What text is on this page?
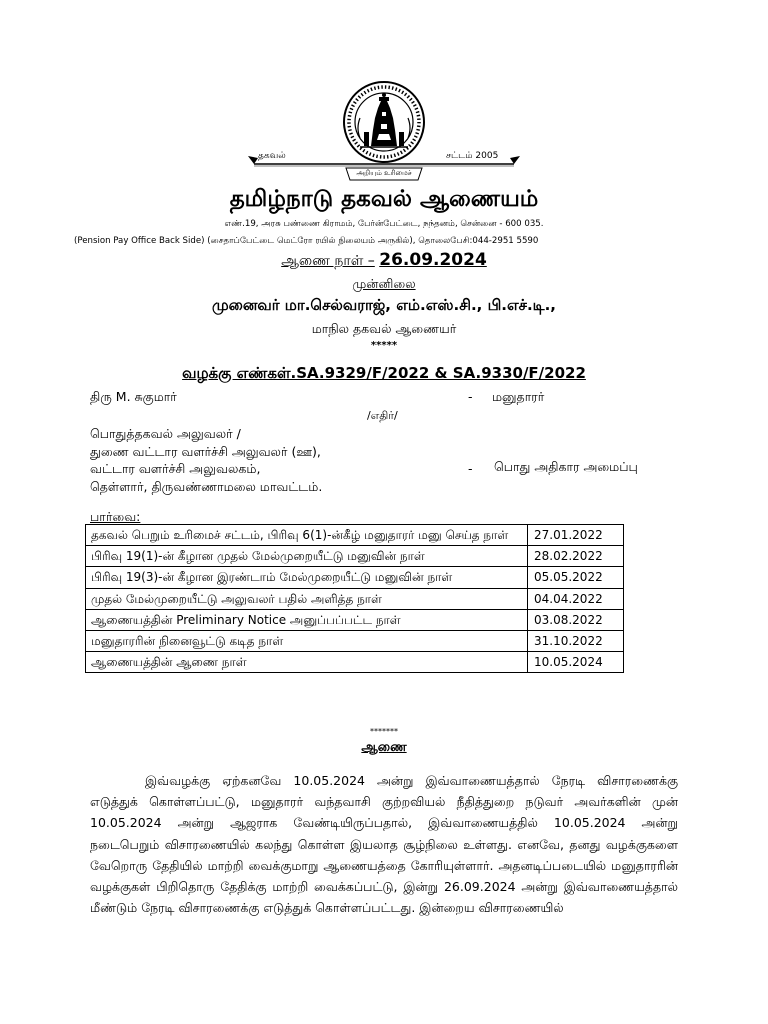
தகவல்	சட்டம் 2005
அறியும் உரிமைச்
தமிழ்நாடு தகவல் ஆணையம்
எண்.19, அரசு பண்ணை கிராமம், பேர்ன்பேட்டை, நந்தனம், சென்னை - 600 035.
(Pension Pay Office Back Side) (சைதாப்பேட்டை மெட்ரோ ரயில் நிலையம் அருகில்), தொலைபேசி:044-2951 5590
ஆணை நாள் – 26.09.2024
முன்னிலை
முனைவர் மா.செல்வராஜ், எம்.எஸ்.சி., பி.எச்.டி.,
மாநில தகவல் ஆணையர்
*****
வழக்கு எண்கள்.SA.9329/F/2022 & SA.9330/F/2022
திரு M. சுகுமார்	- மனுதாரர்
/எதிர்/
பொதுத்தகவல் அலுவலர் /
துணை வட்டார வளர்ச்சி அலுவலர் (ஊ),
வட்டார வளர்ச்சி அலுவலகம்,
தெள்ளார், திருவண்ணாமலை மாவட்டம்.
- பொது அதிகார அமைப்பு
பார்வை:
தகவல் பெறும் உரிமைச் சட்டம், பிரிவு 6(1)-ன்கீழ் மனுதாரர் மனு செய்த நாள்	27.01.2022
பிரிவு 19(1)-ன் கீழான முதல் மேல்முறையீட்டு மனுவின் நாள்	28.02.2022
பிரிவு 19(3)-ன் கீழான இரண்டாம் மேல்முறையீட்டு மனுவின் நாள்	05.05.2022
முதல் மேல்முறையீட்டு அலுவலர் பதில் அளித்த நாள்	04.04.2022
ஆணையத்தின் Preliminary Notice அனுப்பப்பட்ட நாள்	03.08.2022
மனுதாரரின் நினைவூட்டு கடித நாள்	31.10.2022
ஆணையத்தின் ஆணை நாள்	10.05.2024
*******
ஆணை
இவ்வழக்கு ஏற்கனவே 10.05.2024 அன்று இவ்வாணையத்தால் நேரடி விசாரணைக்கு எடுத்துக் கொள்ளப்பட்டு, மனுதாரர் வந்தவாசி குற்றவியல் நீதித்துறை நடுவர் அவர்களின் முன் 10.05.2024 அன்று ஆஜராக வேண்டியிருப்பதால், இவ்வாணையத்தில் 10.05.2024 அன்று நடைபெறும் விசாரணையில் கலந்து கொள்ள இயலாத சூழ்நிலை உள்ளது. எனவே, தனது வழக்குகளை வேறொரு தேதியில் மாற்றி வைக்குமாறு ஆணையத்தை கோரியுள்ளார். அதனடிப்படையில் மனுதாரரின் வழக்குகள் பிறிதொரு தேதிக்கு மாற்றி வைக்கப்பட்டு, இன்று 26.09.2024 அன்று இவ்வாணையத்தால் மீண்டும் நேரடி விசாரணைக்கு எடுத்துக் கொள்ளப்பட்டது. இன்றைய விசாரணையில்
